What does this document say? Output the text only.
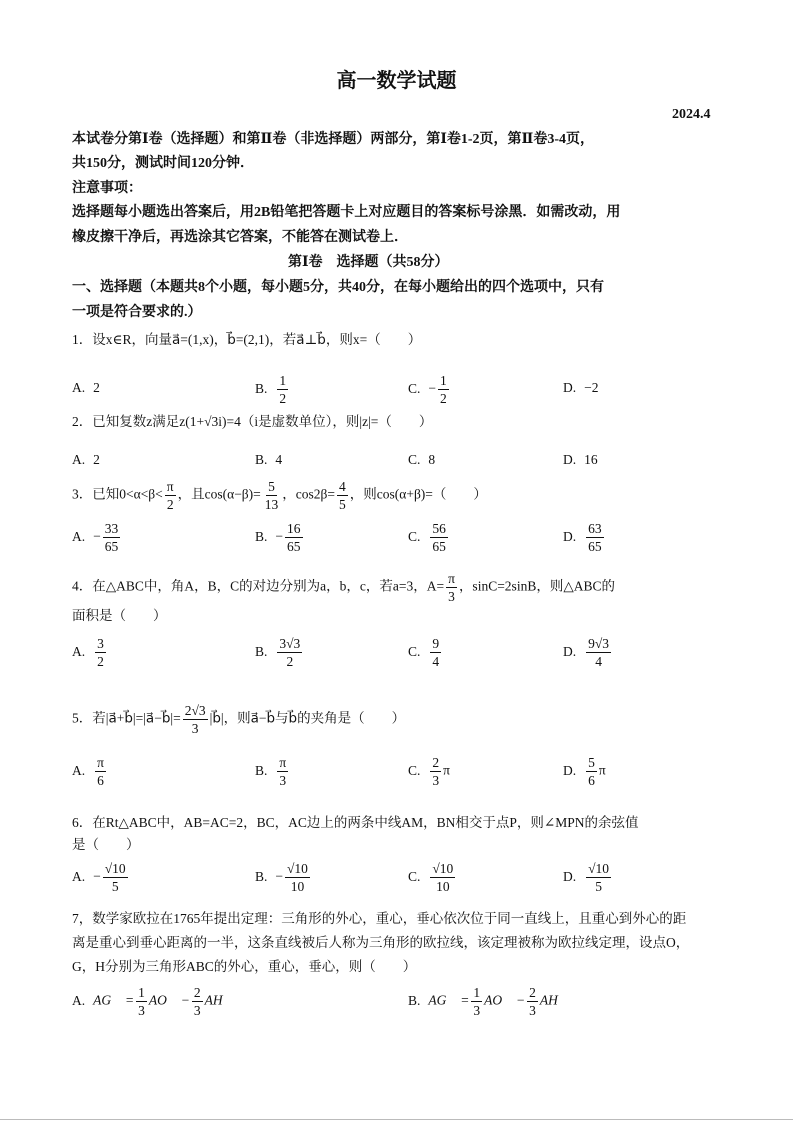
高一数学试题
2024.4
本试卷分第Ⅰ卷（选择题）和第Ⅱ卷（非选择题）两部分，第Ⅰ卷1-2页，第Ⅱ卷3-4页，
共150分，测试时间120分钟．
注意事项：
选择题每小题选出答案后，用2B铅笔把答题卡上对应题目的答案标号涂黑．如需改动，用
橡皮擦干净后，再选涂其它答案，不能答在测试卷上．
第Ⅰ卷　选择题（共58分）
一、选择题（本题共8个小题，每小题5分，共40分，在每小题给出的四个选项中，只有
一项是符合要求的.）
1．设x∈R，向量a⃗=(1,x)，b⃗=(2,1)，若a⃗⊥b⃗，则x=（　　）
A. 2	B. $\frac{1}{2}$	C. − $\frac{1}{2}$	D. −2
2．已知复数z满足z(1+√3i)=4（i是虚数单位），则|z|=（　　）
A. 2	B. 4	C. 8	D. 16
3．已知$0<\alpha<\beta< \frac{\pi}{2}$ ，且$\cos(\alpha-\beta)= \frac{5}{13}$ ，$\cos 2\beta= \frac{4}{5}$ ，则cos(α+β)=（　　）
A. − $\frac{33}{65}$	B. − $\frac{16}{65}$	C. $\frac{56}{65}$	D. $\frac{63}{65}$
4．在△ABC中，角A，B，C的对边分别为a，b，c，若a=3，$A= \frac{\pi}{3}$ ，sinC=2sinB，则△ABC的
面积是（　　）
A. $\frac{3}{2}$	B. $\frac{3√3}{2}$	C. $\frac{9}{4}$	D. $\frac{9√3}{4}$
5．若|a⃗+b⃗|=|a⃗−b⃗|= $\frac{2√3}{3}$ |b⃗|，则a⃗−b⃗与b⃗的夹角是（　　）
A. $\frac{\pi}{6}$	B. $\frac{\pi}{3}$	C. $\frac{2}{3}$ π	D. $\frac{5}{6}$ π
6．在Rt△ABC中，AB=AC=2，BC，AC边上的两条中线AM，BN相交于点P，则∠MPN的余弦值
是（　　）
A. − $\frac{√10}{5}$	B. − $\frac{√10}{10}$	C. $\frac{√10}{10}$	D. $\frac{√10}{5}$
7，数学家欧拉在1765年提出定理：三角形的外心，重心，垂心依次位于同一直线上，且重心到外心的距
离是重心到垂心距离的一半，这条直线被后人称为三角形的欧拉线，该定理被称为欧拉线定理，设点O，
G，H分别为三角形ABC的外心，重心，垂心，则（　　）
A. AG⃗ = $\frac{1}{3}$ AO⃗ − $\frac{2}{3}$ AH⃗	B. AG⃗ = $\frac{1}{3}$ AO⃗ − $\frac{2}{3}$ AH⃗
